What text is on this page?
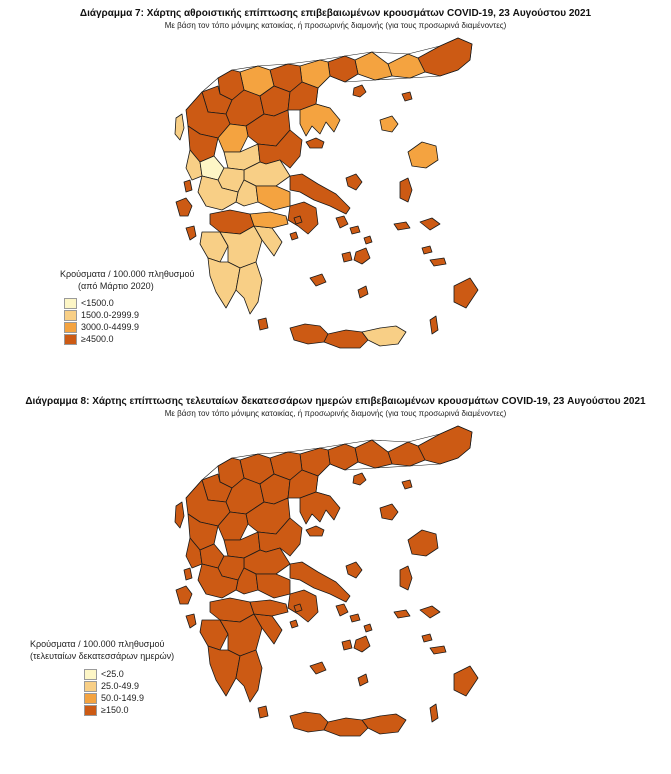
Διάγραμμα 7: Χάρτης αθροιστικής επίπτωσης επιβεβαιωμένων κρουσμάτων COVID-19, 23 Αυγούστου 2021
Με βάση τον τόπο μόνιμης κατοικίας, ή προσωρινής διαμονής (για τους προσωρινά διαμένοντες)
Κρούσματα / 100.000 πληθυσμού
(από Μάρτιο 2020)
<1500.0
1500.0-2999.9
3000.0-4499.9
≥4500.0
Διάγραμμα 8: Χάρτης επίπτωσης τελευταίων δεκατεσσάρων ημερών επιβεβαιωμένων κρουσμάτων COVID-19, 23 Αυγούστου 2021
Με βάση τον τόπο μόνιμης κατοικίας, ή προσωρινής διαμονής (για τους προσωρινά διαμένοντες)
Κρούσματα / 100.000 πληθυσμού
(τελευταίων δεκατεσσάρων ημερών)
<25.0
25.0-49.9
50.0-149.9
≥150.0
